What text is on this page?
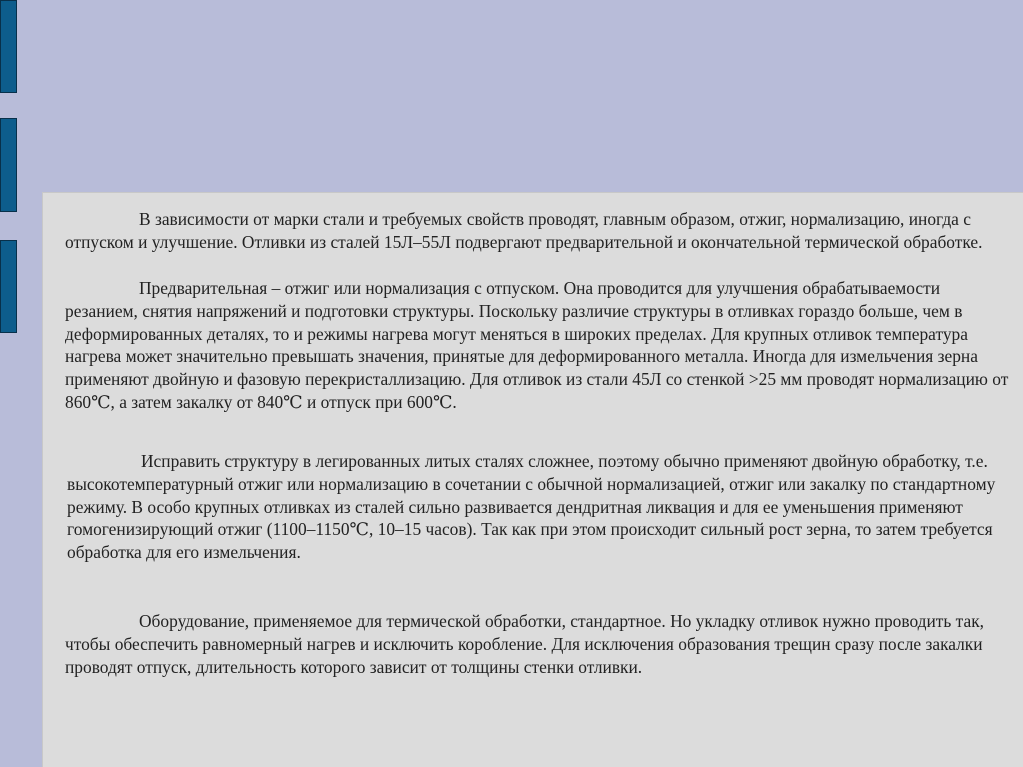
В зависимости от марки стали и требуемых свойств проводят, главным образом, отжиг, нормализацию, иногда с отпуском и улучшение. Отливки из сталей 15Л–55Л подвергают предварительной и окончательной термической обработке.

Предварительная – отжиг или нормализация с отпуском. Она проводится для улучшения обрабатываемости резанием, снятия напряжений и подготовки структуры. Поскольку различие структуры в отливках гораздо больше, чем в деформированных деталях, то и режимы нагрева могут меняться в широких пределах. Для крупных отливок температура нагрева может значительно превышать значения, принятые для деформированного металла. Иногда для измельчения зерна применяют двойную и фазовую перекристаллизацию. Для отливок из стали 45Л со стенкой >25 мм проводят нормализацию от 860℃, а затем закалку от 840℃ и отпуск при 600℃.

Исправить структуру в легированных литых сталях сложнее, поэтому обычно применяют двойную обработку, т.е. высокотемпературный отжиг или нормализацию в сочетании с обычной нормализацией, отжиг или закалку по стандартному режиму. В особо крупных отливках из сталей сильно развивается дендритная ликвация и для ее уменьшения применяют гомогенизирующий отжиг (1100–1150℃, 10–15 часов). Так как при этом происходит сильный рост зерна, то затем требуется обработка для его измельчения.

Оборудование, применяемое для термической обработки, стандартное. Но укладку отливок нужно проводить так, чтобы обеспечить равномерный нагрев и исключить коробление. Для исключения образования трещин сразу после закалки проводят отпуск, длительность которого зависит от толщины стенки отливки.
